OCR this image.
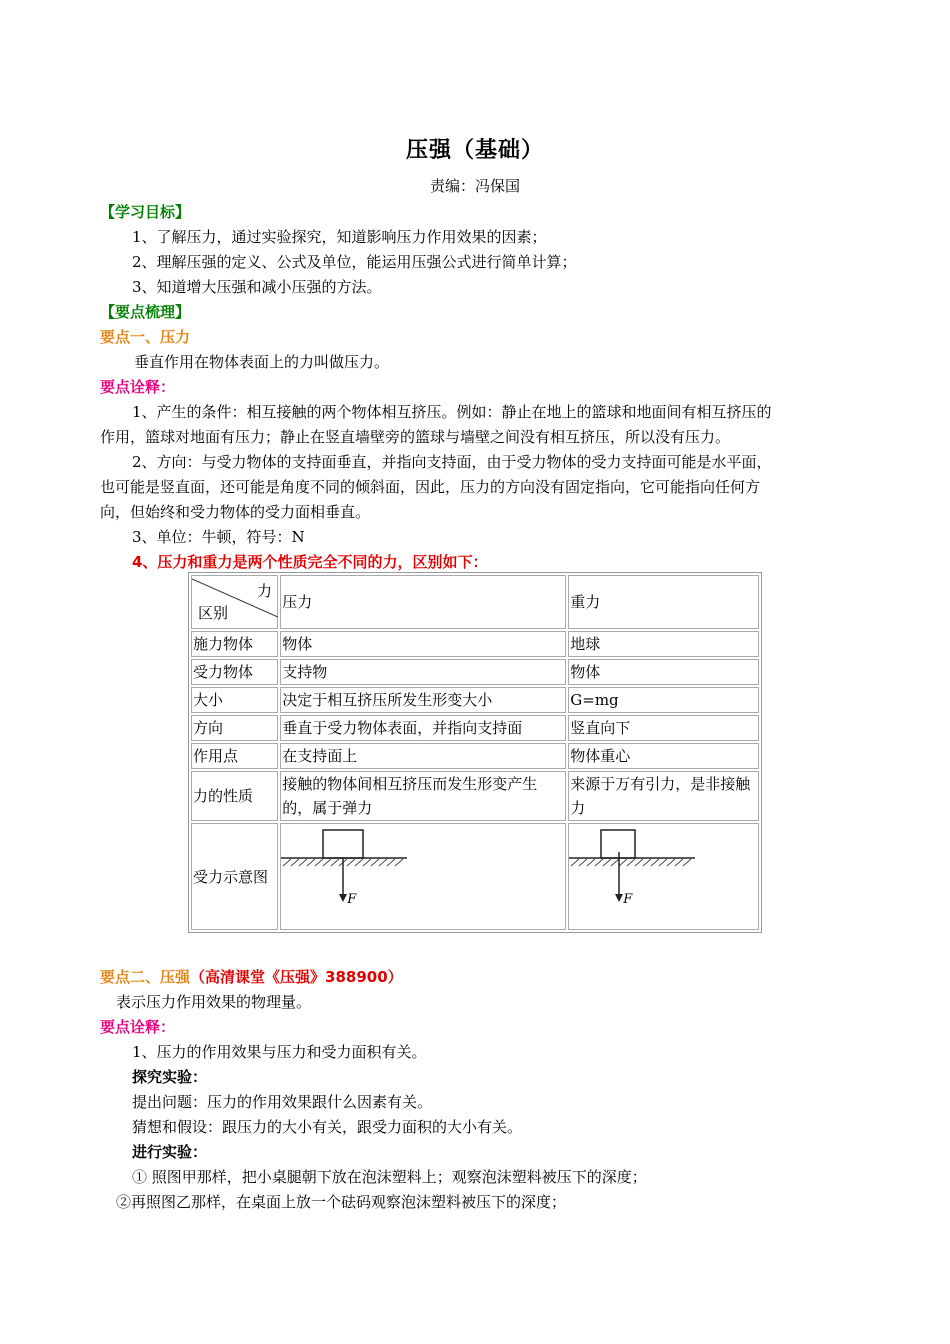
压强（基础）
责编：冯保国
【学习目标】
1、了解压力，通过实验探究，知道影响压力作用效果的因素；
2、理解压强的定义、公式及单位，能运用压强公式进行简单计算；
3、知道增大压强和减小压强的方法。
【要点梳理】
要点一、压力
垂直作用在物体表面上的力叫做压力。
要点诠释：
1、产生的条件：相互接触的两个物体相互挤压。例如：静止在地上的篮球和地面间有相互挤压的
作用，篮球对地面有压力；静止在竖直墙壁旁的篮球与墙壁之间没有相互挤压，所以没有压力。
2、方向：与受力物体的支持面垂直，并指向支持面，由于受力物体的受力支持面可能是水平面，
也可能是竖直面，还可能是角度不同的倾斜面，因此，压力的方向没有固定指向，它可能指向任何方
向，但始终和受力物体的受力面相垂直。
3、单位：牛顿，符号：N
4、压力和重力是两个性质完全不同的力，区别如下：
力
区别	压力	重力
施力物体	物体	地球
受力物体	支持物	物体
大小	决定于相互挤压所发生形变大小	G=mg
方向	垂直于受力物体表面，并指向支持面	竖直向下
作用点	在支持面上	物体重心
力的性质	接触的物体间相互挤压而发生形变产生的，属于弹力	来源于万有引力，是非接触力
受力示意图	F	F
要点二、压强（高清课堂《压强》388900）
表示压力作用效果的物理量。
要点诠释：
1、压力的作用效果与压力和受力面积有关。
探究实验：
提出问题：压力的作用效果跟什么因素有关。
猜想和假设：跟压力的大小有关，跟受力面积的大小有关。
进行实验：
① 照图甲那样，把小桌腿朝下放在泡沫塑料上；观察泡沫塑料被压下的深度；
②再照图乙那样，在桌面上放一个砝码观察泡沫塑料被压下的深度；
